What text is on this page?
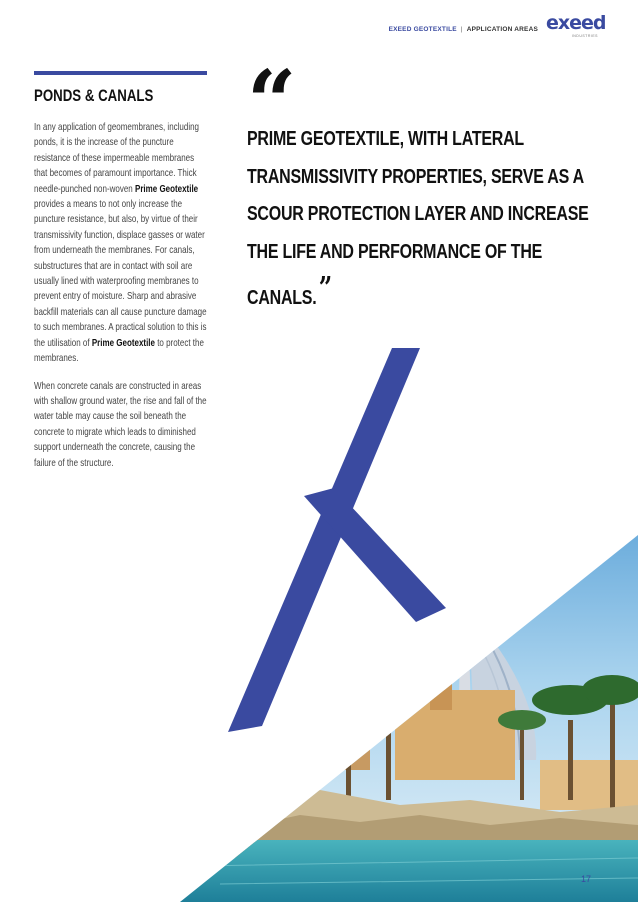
EXEED GEOTEXTILE | APPLICATION AREAS exeed
INDUSTRIES
PONDS & CANALS

In any application of geomembranes, including ponds, it is the increase of the puncture resistance of these impermeable membranes that becomes of paramount importance. Thick needle-punched non-woven Prime Geotextile provides a means to not only increase the puncture resistance, but also, by virtue of their transmissivity function, displace gasses or water from underneath the membranes. For canals, substructures that are in contact with soil are usually lined with waterproofing membranes to prevent entry of moisture. Sharp and abrasive backfill materials can all cause puncture damage to such membranes. A practical solution to this is the utilisation of Prime Geotextile to protect the membranes.

When concrete canals are constructed in areas with shallow ground water, the rise and fall of the water table may cause the soil beneath the concrete to migrate which leads to diminished support underneath the concrete, causing the failure of the structure.

“

PRIME GEOTEXTILE, WITH LATERAL TRANSMISSIVITY PROPERTIES, SERVE AS A SCOUR PROTECTION LAYER AND INCREASE THE LIFE AND PERFORMANCE OF THE CANALS.”

17
